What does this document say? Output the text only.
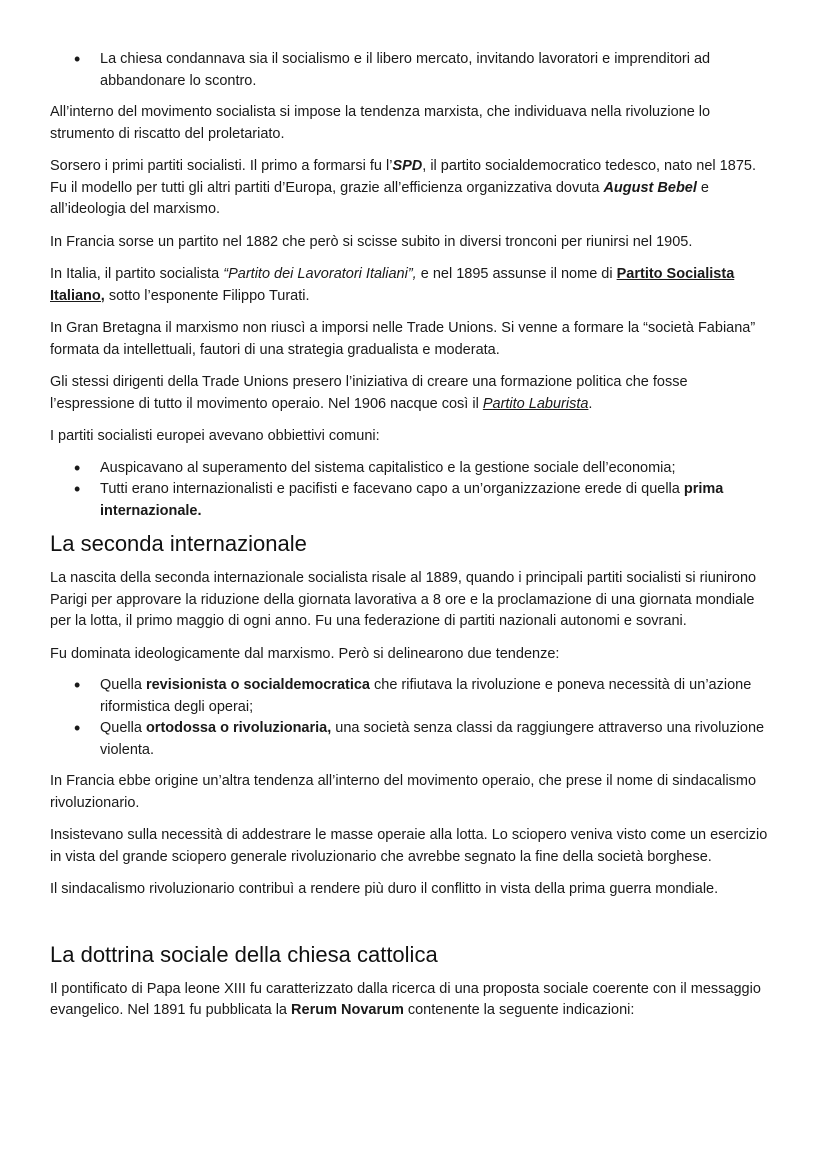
• La chiesa condannava sia il socialismo e il libero mercato, invitando lavoratori e imprenditori ad abbandonare lo scontro.

All’interno del movimento socialista si impose la tendenza marxista, che individuava nella rivoluzione lo strumento di riscatto del proletariato.

Sorsero i primi partiti socialisti. Il primo a formarsi fu l’SPD, il partito socialdemocratico tedesco, nato nel 1875. Fu il modello per tutti gli altri partiti d’Europa, grazie all’efficienza organizzativa dovuta August Bebel e all’ideologia del marxismo.

In Francia sorse un partito nel 1882 che però si scisse subito in diversi tronconi per riunirsi nel 1905.

In Italia, il partito socialista “Partito dei Lavoratori Italiani”, e nel 1895 assunse il nome di Partito Socialista Italiano, sotto l’esponente Filippo Turati.

In Gran Bretagna il marxismo non riuscì a imporsi nelle Trade Unions. Si venne a formare la “società Fabiana” formata da intellettuali, fautori di una strategia gradualista e moderata.

Gli stessi dirigenti della Trade Unions presero l’iniziativa di creare una formazione politica che fosse l’espressione di tutto il movimento operaio. Nel 1906 nacque così il Partito Laburista.

I partiti socialisti europei avevano obbiettivi comuni:

• Auspicavano al superamento del sistema capitalistico e la gestione sociale dell’economia;
• Tutti erano internazionalisti e pacifisti e facevano capo a un’organizzazione erede di quella prima internazionale.
La seconda internazionale

La nascita della seconda internazionale socialista risale al 1889, quando i principali partiti socialisti si riunirono Parigi per approvare la riduzione della giornata lavorativa a 8 ore e la proclamazione di una giornata mondiale per la lotta, il primo maggio di ogni anno. Fu una federazione di partiti nazionali autonomi e sovrani.

Fu dominata ideologicamente dal marxismo. Però si delinearono due tendenze:

• Quella revisionista o socialdemocratica che rifiutava la rivoluzione e poneva necessità di un’azione riformistica degli operai;
• Quella ortodossa o rivoluzionaria, una società senza classi da raggiungere attraverso una rivoluzione violenta.

In Francia ebbe origine un’altra tendenza all’interno del movimento operaio, che prese il nome di sindacalismo rivoluzionario.

Insistevano sulla necessità di addestrare le masse operaie alla lotta. Lo sciopero veniva visto come un esercizio in vista del grande sciopero generale rivoluzionario che avrebbe segnato la fine della società borghese.

Il sindacalismo rivoluzionario contribuì a rendere più duro il conflitto in vista della prima guerra mondiale.

La dottrina sociale della chiesa cattolica

Il pontificato di Papa leone XIII fu caratterizzato dalla ricerca di una proposta sociale coerente con il messaggio evangelico. Nel 1891 fu pubblicata la Rerum Novarum contenente la seguente indicazioni:
